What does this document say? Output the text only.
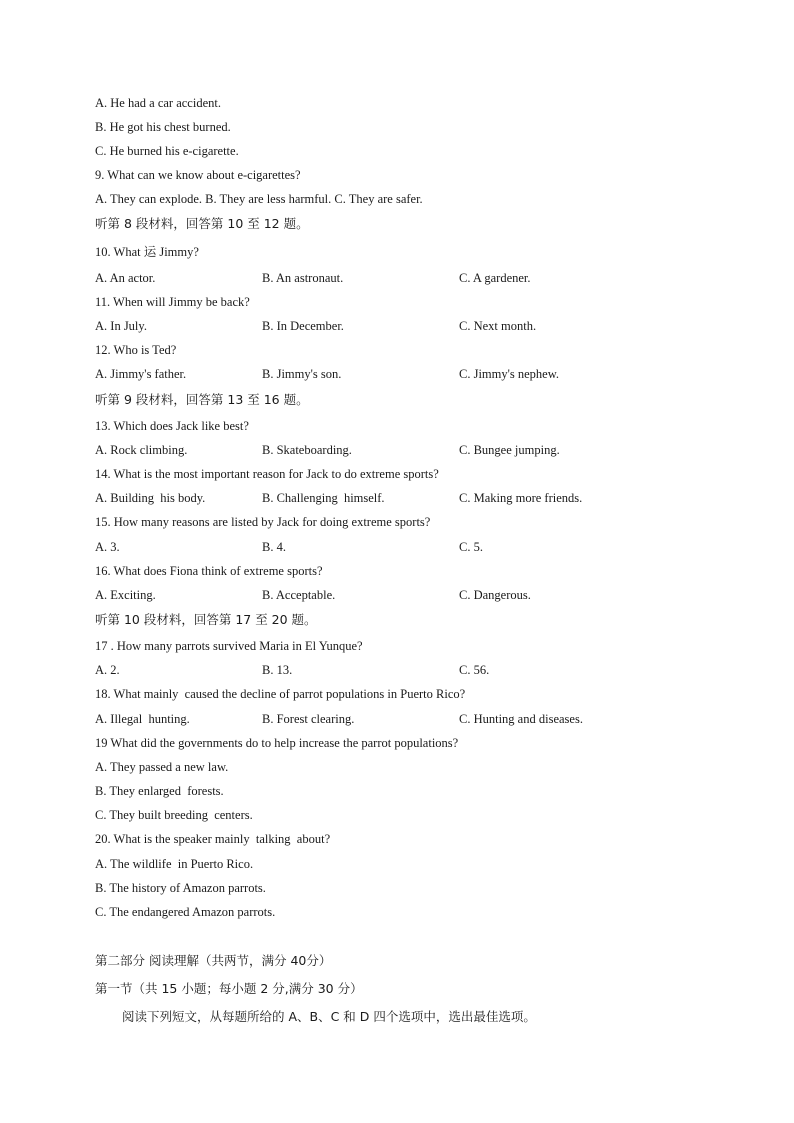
A. He had a car accident.
B. He got his chest burned.
C. He burned his e-cigarette.
9. What can we know about e-cigarettes?
A. They can explode. B. They are less harmful. C. They are safer.
听第 8 段材料，回答第 10 至 12 题。
10. What 运 Jimmy?
A. An actor.	B. An astronaut.	C. A gardener.
11. When will Jimmy be back?
A. In July.	B. In December.	C. Next month.
12. Who is Ted?
A. Jimmy's father.	B. Jimmy's son.	C. Jimmy's nephew.
听第 9 段材料，回答第 13 至 16 题。
13. Which does Jack like best?
A. Rock climbing.	B. Skateboarding.	C. Bungee jumping.
14. What is the most important reason for Jack to do extreme sports?
A. Building  his body.	B. Challenging  himself.	C. Making more friends.
15. How many reasons are listed by Jack for doing extreme sports?
A. 3.	B. 4.	C. 5.
16. What does Fiona think of extreme sports?
A. Exciting.	B. Acceptable.	C. Dangerous.
听第 10 段材料，回答第 17 至 20 题。
17 . How many parrots survived Maria in El Yunque?
A. 2.	B. 13.	C. 56.
18. What mainly  caused the decline of parrot populations in Puerto Rico?
A. Illegal  hunting.	B. Forest clearing.	C. Hunting and diseases.
19 What did the governments do to help increase the parrot populations?
A. They passed a new law.
B. They enlarged  forests.
C. They built breeding  centers.
20. What is the speaker mainly  talking  about?
A. The wildlife  in Puerto Rico.
B. The history of Amazon parrots.
C. The endangered Amazon parrots.
第二部分 阅读理解（共两节，满分 40分）
第一节（共 15 小题；每小题 2 分,满分 30 分）
阅读下列短文，从每题所给的 A、B、C 和 D 四个选项中，选出最佳选项。
